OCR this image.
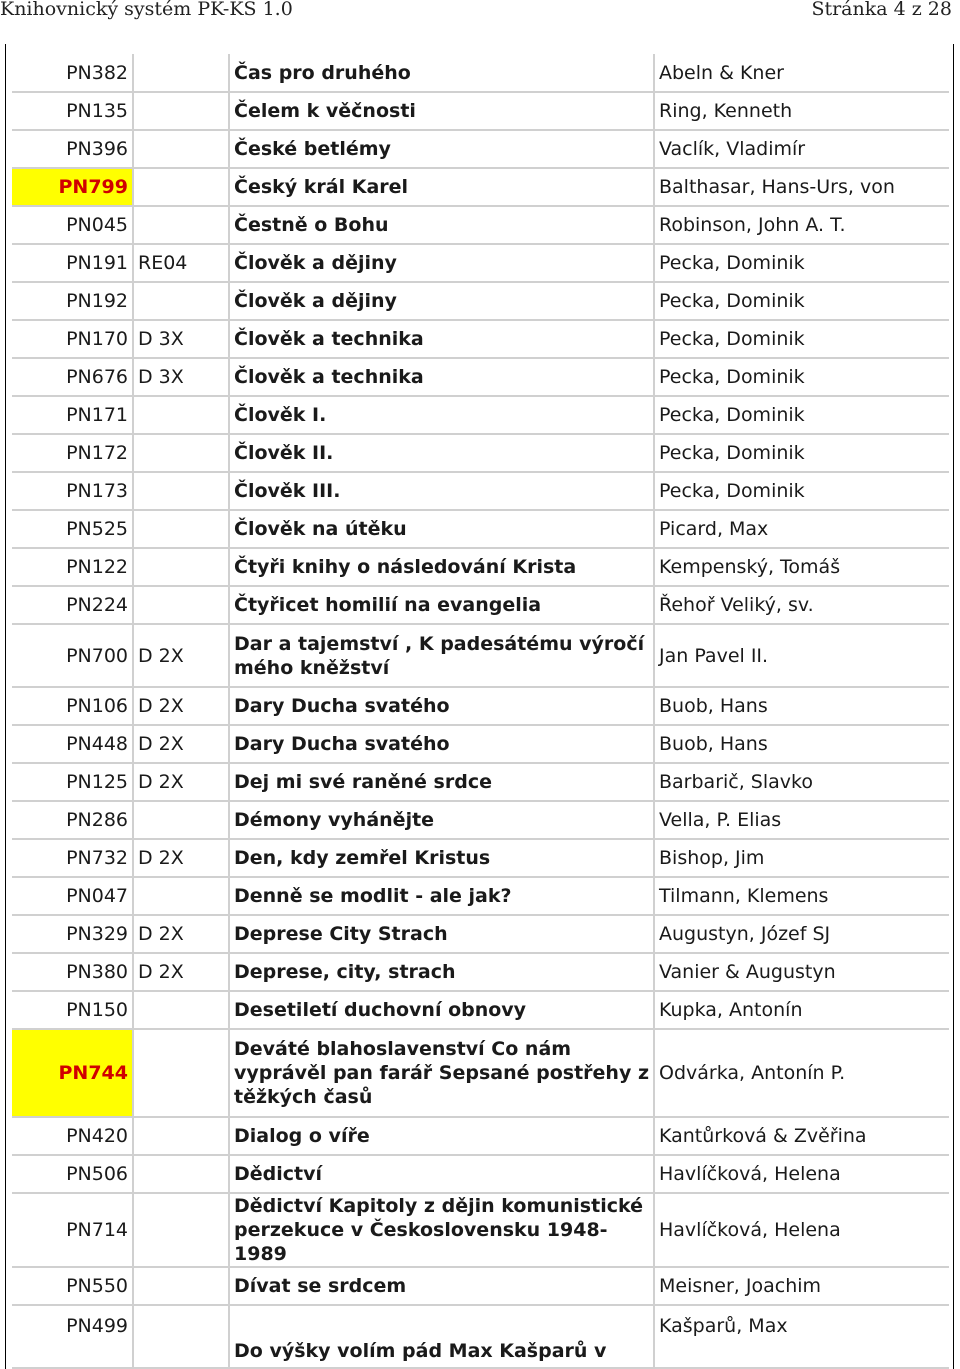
Knihovnický systém PK-KS 1.0	Stránka 4 z 28
PN382		Čas pro druhého	Abeln & Kner
PN135		Čelem k věčnosti	Ring, Kenneth
PN396		České betlémy	Vaclík, Vladimír
PN799		Český král Karel	Balthasar, Hans-Urs, von
PN045		Čestně o Bohu	Robinson, John A. T.
PN191	RE04	Člověk a dějiny	Pecka, Dominik
PN192		Člověk a dějiny	Pecka, Dominik
PN170	D 3X	Člověk a technika	Pecka, Dominik
PN676	D 3X	Člověk a technika	Pecka, Dominik
PN171		Člověk I.	Pecka, Dominik
PN172		Člověk II.	Pecka, Dominik
PN173		Člověk III.	Pecka, Dominik
PN525		Člověk na útěku	Picard, Max
PN122		Čtyři knihy o následování Krista	Kempenský, Tomáš
PN224		Čtyřicet homilií na evangelia	Řehoř Veliký, sv.
PN700	D 2X	Dar a tajemství , K padesátému výročí mého kněžství	Jan Pavel II.
PN106	D 2X	Dary Ducha svatého	Buob, Hans
PN448	D 2X	Dary Ducha svatého	Buob, Hans
PN125	D 2X	Dej mi své raněné srdce	Barbarič, Slavko
PN286		Démony vyhánějte	Vella, P. Elias
PN732	D 2X	Den, kdy zemřel Kristus	Bishop, Jim
PN047		Denně se modlit - ale jak?	Tilmann, Klemens
PN329	D 2X	Deprese City Strach	Augustyn, Józef SJ
PN380	D 2X	Deprese, city, strach	Vanier & Augustyn
PN150		Desetiletí duchovní obnovy	Kupka, Antonín
PN744		Deváté blahoslavenství Co nám vyprávěl pan farář Sepsané postřehy z těžkých časů	Odvárka, Antonín P.
PN420		Dialog o víře	Kantůrková & Zvěřina
PN506		Dědictví	Havlíčková, Helena
PN714		Dědictví Kapitoly z dějin komunistické perzekuce v Československu 1948-1989	Havlíčková, Helena
PN550		Dívat se srdcem	Meisner, Joachim
PN499		Do výšky volím pád Max Kašparů v	Kašparů, Max
